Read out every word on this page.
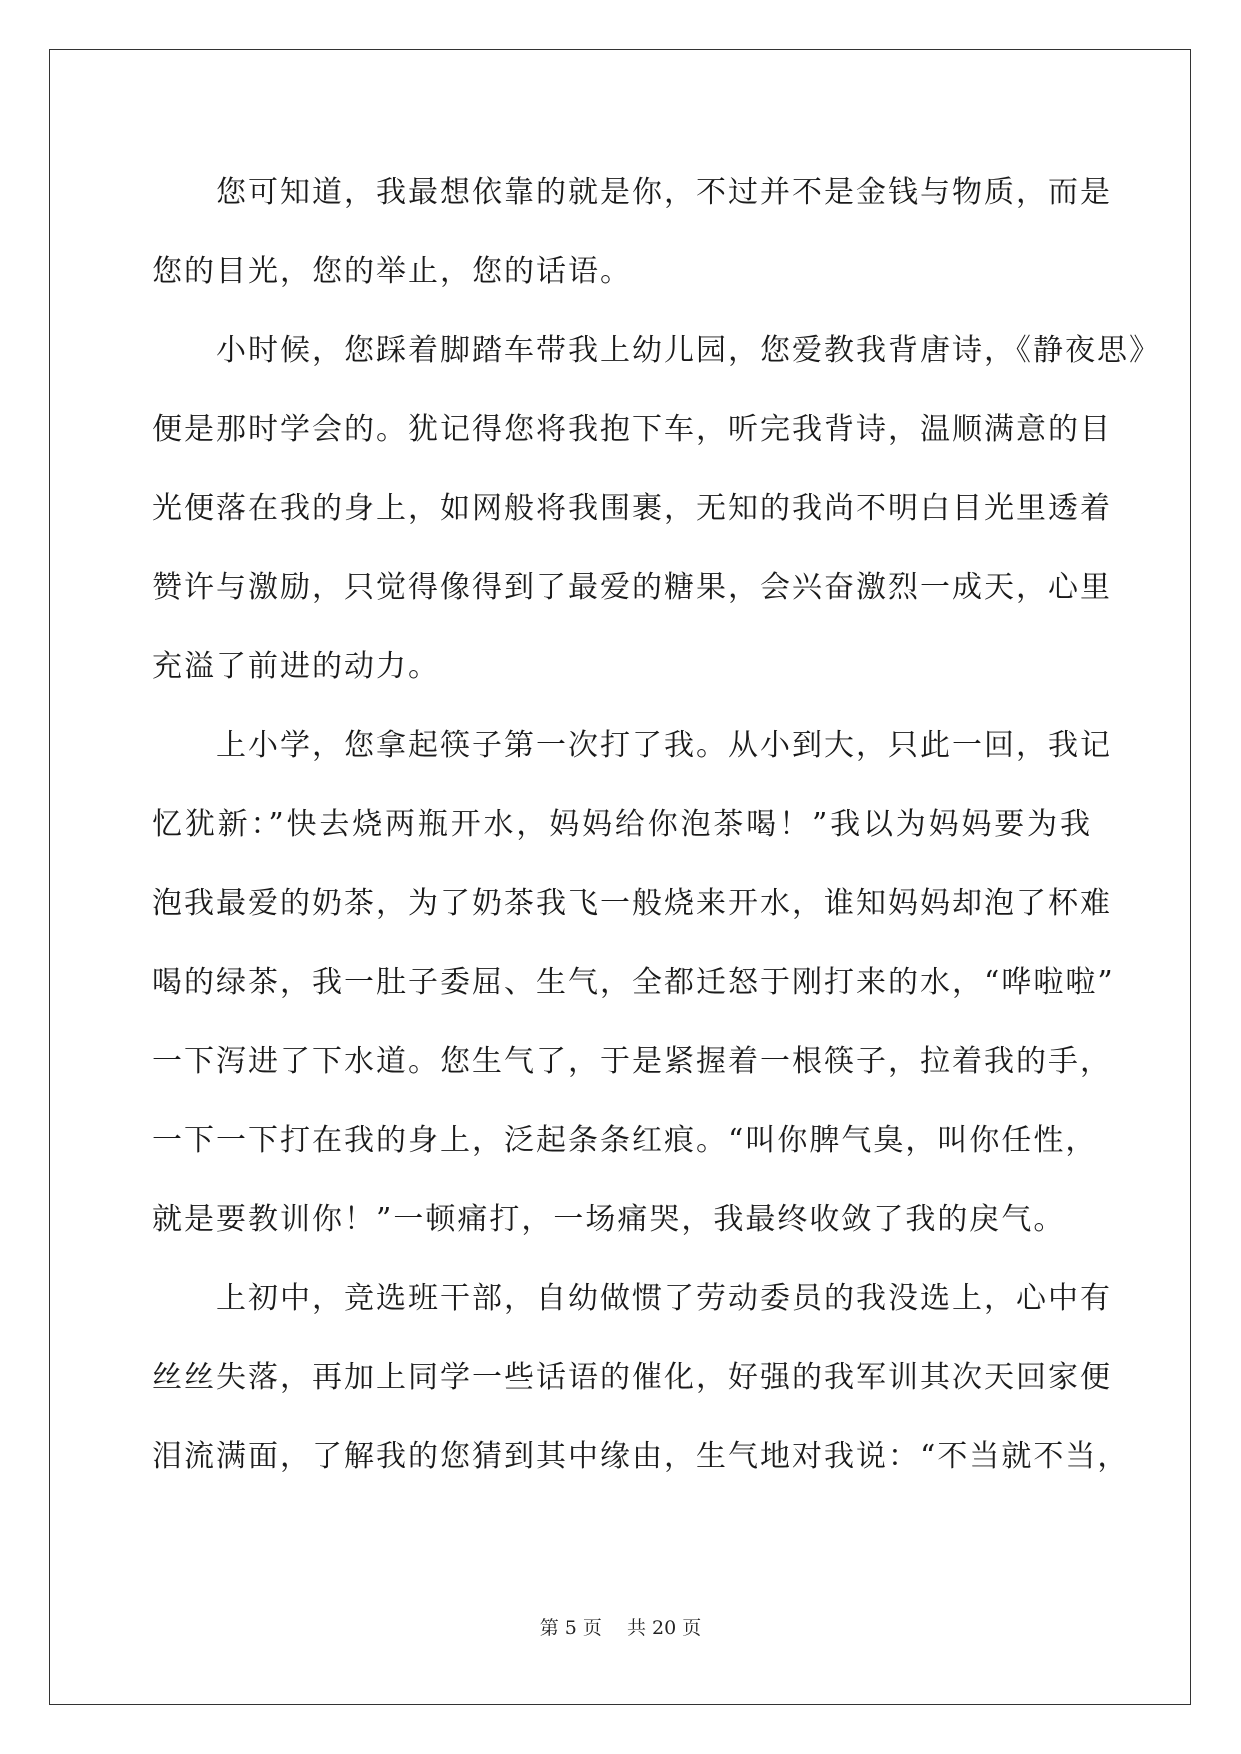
您可知道，我最想依靠的就是你，不过并不是金钱与物质，而是
您的目光，您的举止，您的话语。
小时候，您踩着脚踏车带我上幼儿园，您爱教我背唐诗，《静夜思》
便是那时学会的。犹记得您将我抱下车，听完我背诗，温顺满意的目
光便落在我的身上，如网般将我围裹，无知的我尚不明白目光里透着
赞许与激励，只觉得像得到了最爱的糖果，会兴奋激烈一成天，心里
充溢了前进的动力。
上小学，您拿起筷子第一次打了我。从小到大，只此一回，我记
忆犹新：”快去烧两瓶开水，妈妈给你泡茶喝！”我以为妈妈要为我
泡我最爱的奶茶，为了奶茶我飞一般烧来开水，谁知妈妈却泡了杯难
喝的绿茶，我一肚子委屈、生气，全都迁怒于刚打来的水，“哗啦啦”
一下泻进了下水道。您生气了，于是紧握着一根筷子，拉着我的手，
一下一下打在我的身上，泛起条条红痕。“叫你脾气臭，叫你任性，
就是要教训你！”一顿痛打，一场痛哭，我最终收敛了我的戾气。
上初中，竞选班干部，自幼做惯了劳动委员的我没选上，心中有
丝丝失落，再加上同学一些话语的催化，好强的我军训其次天回家便
泪流满面，了解我的您猜到其中缘由，生气地对我说：“不当就不当，
第 5 页　 共 20 页
